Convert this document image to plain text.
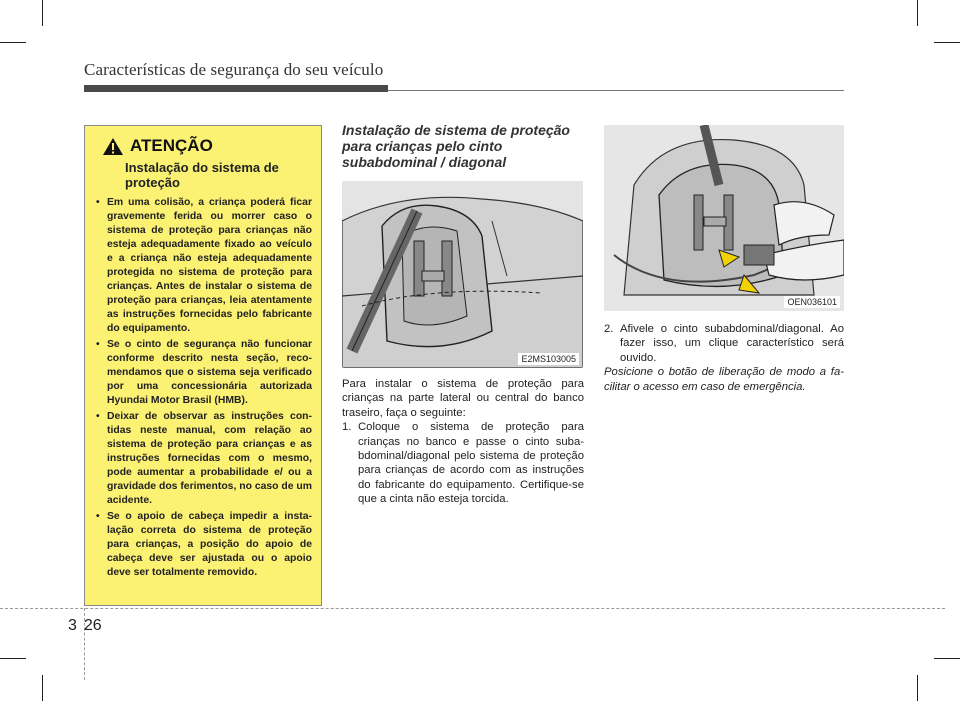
Características de segurança do seu veículo
ATENÇÃO
Instalação do sistema de proteção
• Em uma colisão, a criança poderá ficar gravemente ferida ou morrer caso o sistema de proteção para crianças não esteja adequadamente fixado ao veículo e a criança não esteja adequadamente protegida no sistema de proteção para crianças. Antes de instalar o sistema de proteção para crianças, leia atentamente as instruções fornecidas pelo fabricante do equipamento.
• Se o cinto de segurança não funcionar conforme descrito nesta seção, recomendamos que o sistema seja verificado por uma concessionária autorizada Hyundai Motor Brasil (HMB).
• Deixar de observar as instruções contidas neste manual, com relação ao sistema de proteção para crianças e as instruções fornecidas com o mesmo, pode aumentar a probabilidade e/ ou a gravidade dos ferimentos, no caso de um acidente.
• Se o apoio de cabeça impedir a instalação correta do sistema de proteção para crianças, a posição do apoio de cabeça deve ser ajustada ou o apoio deve ser totalmente removido.
Instalação de sistema de proteção para crianças pelo cinto subabdominal / diagonal
E2MS103005
Para instalar o sistema de proteção para crianças na parte lateral ou central do banco traseiro, faça o seguinte:
1. Coloque o sistema de proteção para crianças no banco e passe o cinto subabdominal/diagonal pelo sistema de proteção para crianças de acordo com as instruções do fabricante do equipamento. Certifique-se que a cinta não esteja torcida.
OEN036101
2. Afivele o cinto subabdominal/diagonal. Ao fazer isso, um clique característico será ouvido.
Posicione o botão de liberação de modo a facilitar o acesso em caso de emergência.
3 26
